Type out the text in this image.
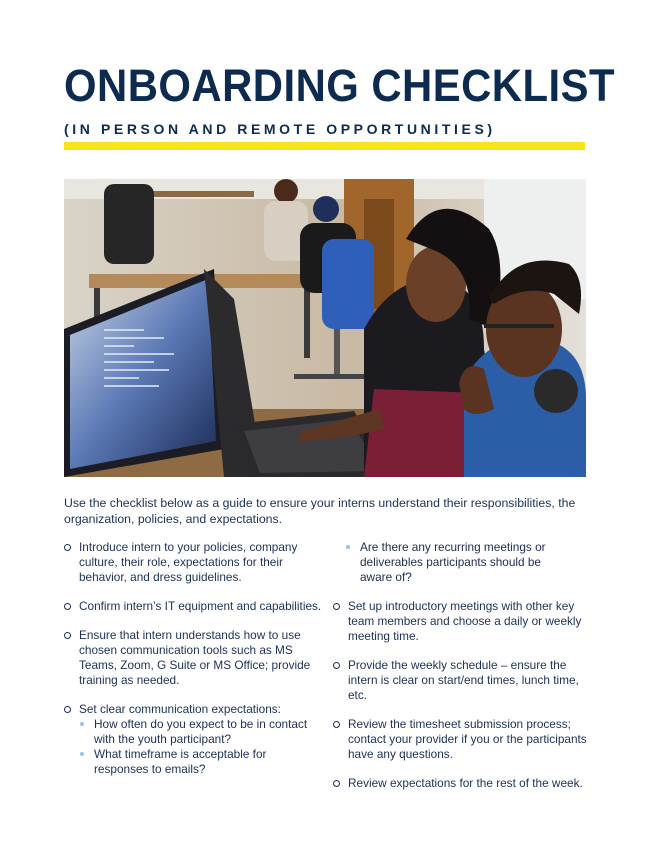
ONBOARDING CHECKLIST
(IN PERSON AND REMOTE OPPORTUNITIES)
Use the checklist below as a guide to ensure your interns understand their responsibilities, the organization, policies, and expectations.
Introduce intern to your policies, company culture, their role, expectations for their behavior, and dress guidelines.
Confirm intern’s IT equipment and capabilities.
Ensure that intern understands how to use chosen communication tools such as MS Teams, Zoom, G Suite or MS Office; provide training as needed.
Set clear communication expectations:
How often do you expect to be in contact with the youth participant?
What timeframe is acceptable for responses to emails?
Are there any recurring meetings or deliverables participants should be aware of?
Set up introductory meetings with other key team members and choose a daily or weekly meeting time.
Provide the weekly schedule – ensure the intern is clear on start/end times, lunch time, etc.
Review the timesheet submission process; contact your provider if you or the participants have any questions.
Review expectations for the rest of the week.
